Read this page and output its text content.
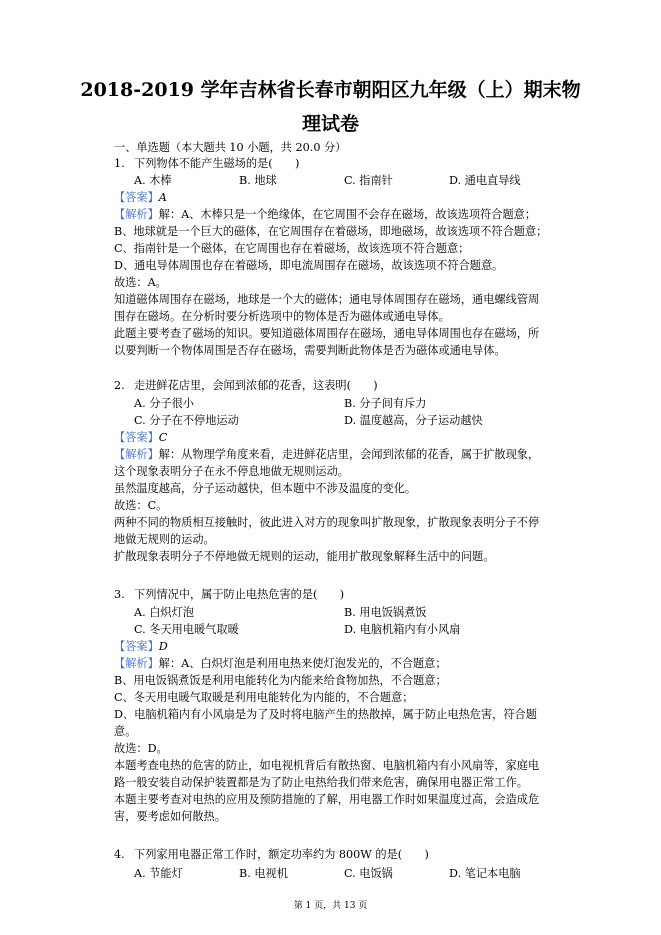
2018-2019 学年吉林省长春市朝阳区九年级（上）期末物
理试卷
一、单选题（本大题共 10 小题，共 20.0 分）
1. 下列物体不能产生磁场的是(　　)
A. 木棒	B. 地球	C. 指南针	D. 通电直导线
【答案】A
【解析】解：A、木棒只是一个绝缘体，在它周围不会存在磁场，故该选项符合题意；
B、地球就是一个巨大的磁体，在它周围存在着磁场，即地磁场，故该选项不符合题意；
C、指南针是一个磁体，在它周围也存在着磁场，故该选项不符合题意；
D、通电导体周围也存在着磁场，即电流周围存在磁场，故该选项不符合题意。
故选：A。
知道磁体周围存在磁场，地球是一个大的磁体；通电导体周围存在磁场，通电螺线管周
围存在磁场。在分析时要分析选项中的物体是否为磁体或通电导体。
此题主要考查了磁场的知识。要知道磁体周围存在磁场，通电导体周围也存在磁场，所
以要判断一个物体周围是否存在磁场，需要判断此物体是否为磁体或通电导体。
2. 走进鲜花店里，会闻到浓郁的花香，这表明(　　)
A. 分子很小	B. 分子间有斥力
C. 分子在不停地运动	D. 温度越高，分子运动越快
【答案】C
【解析】解：从物理学角度来看，走进鲜花店里，会闻到浓郁的花香，属于扩散现象，
这个现象表明分子在永不停息地做无规则运动。
虽然温度越高，分子运动越快，但本题中不涉及温度的变化。
故选：C。
两种不同的物质相互接触时，彼此进入对方的现象叫扩散现象，扩散现象表明分子不停
地做无规则的运动。
扩散现象表明分子不停地做无规则的运动，能用扩散现象解释生活中的问题。
3. 下列情况中，属于防止电热危害的是(　　)
A. 白炽灯泡	B. 用电饭锅煮饭
C. 冬天用电暖气取暖	D. 电脑机箱内有小风扇
【答案】D
【解析】解：A、白炽灯泡是利用电热来使灯泡发光的，不合题意；
B、用电饭锅煮饭是利用电能转化为内能来给食物加热，不合题意；
C、冬天用电暖气取暖是利用电能转化为内能的，不合题意；
D、电脑机箱内有小风扇是为了及时将电脑产生的热散掉，属于防止电热危害，符合题
意。
故选：D。
本题考查电热的危害的防止，如电视机背后有散热窗、电脑机箱内有小风扇等，家庭电
路一般安装自动保护装置都是为了防止电热给我们带来危害，确保用电器正常工作。
本题主要考查对电热的应用及预防措施的了解，用电器工作时如果温度过高，会造成危
害，要考虑如何散热。
4. 下列家用电器正常工作时，额定功率约为 800W 的是(　　)
A. 节能灯	B. 电视机	C. 电饭锅	D. 笔记本电脑
第 1 页，共 13 页
